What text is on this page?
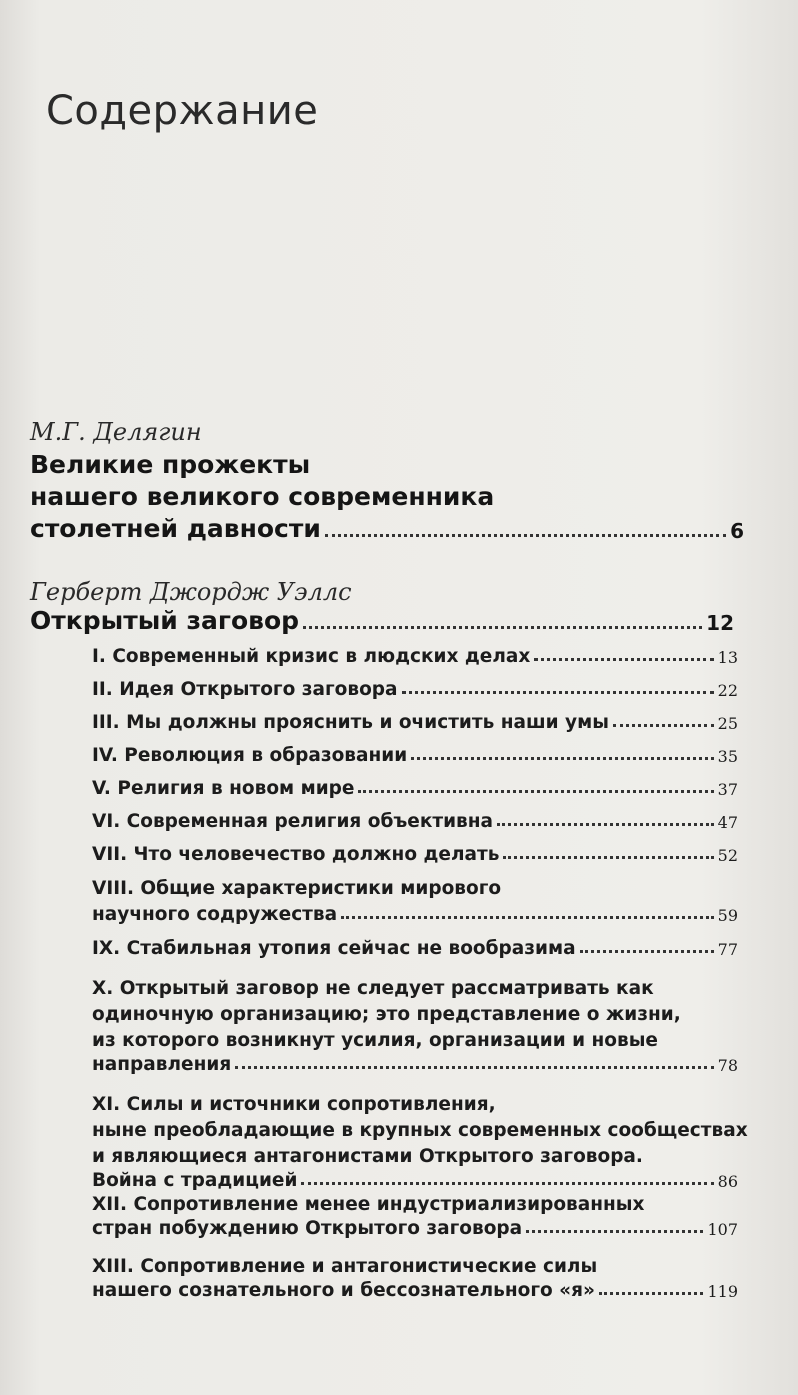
Содержание
М.Г. Делягин
Великие прожекты
нашего великого современника
столетней давности	6
Герберт Джордж Уэллс
Открытый заговор	12
I. Современный кризис в людских делах	13
II. Идея Открытого заговора	22
III. Мы должны прояснить и очистить наши умы	25
IV. Революция в образовании	35
V. Религия в новом мире	37
VI. Современная религия объективна	47
VII. Что человечество должно делать	52
VIII. Общие характеристики мирового
научного содружества	59
IX. Стабильная утопия сейчас не вообразима	77
X. Открытый заговор не следует рассматривать как
одиночную организацию; это представление о жизни,
из которого возникнут усилия, организации и новые
направления	78
XI. Силы и источники сопротивления,
ныне преобладающие в крупных современных сообществах
и являющиеся антагонистами Открытого заговора.
Война с традицией	86
XII. Сопротивление менее индустриализированных
стран побуждению Открытого заговора	107
XIII. Сопротивление и антагонистические силы
нашего сознательного и бессознательного «я»	119
